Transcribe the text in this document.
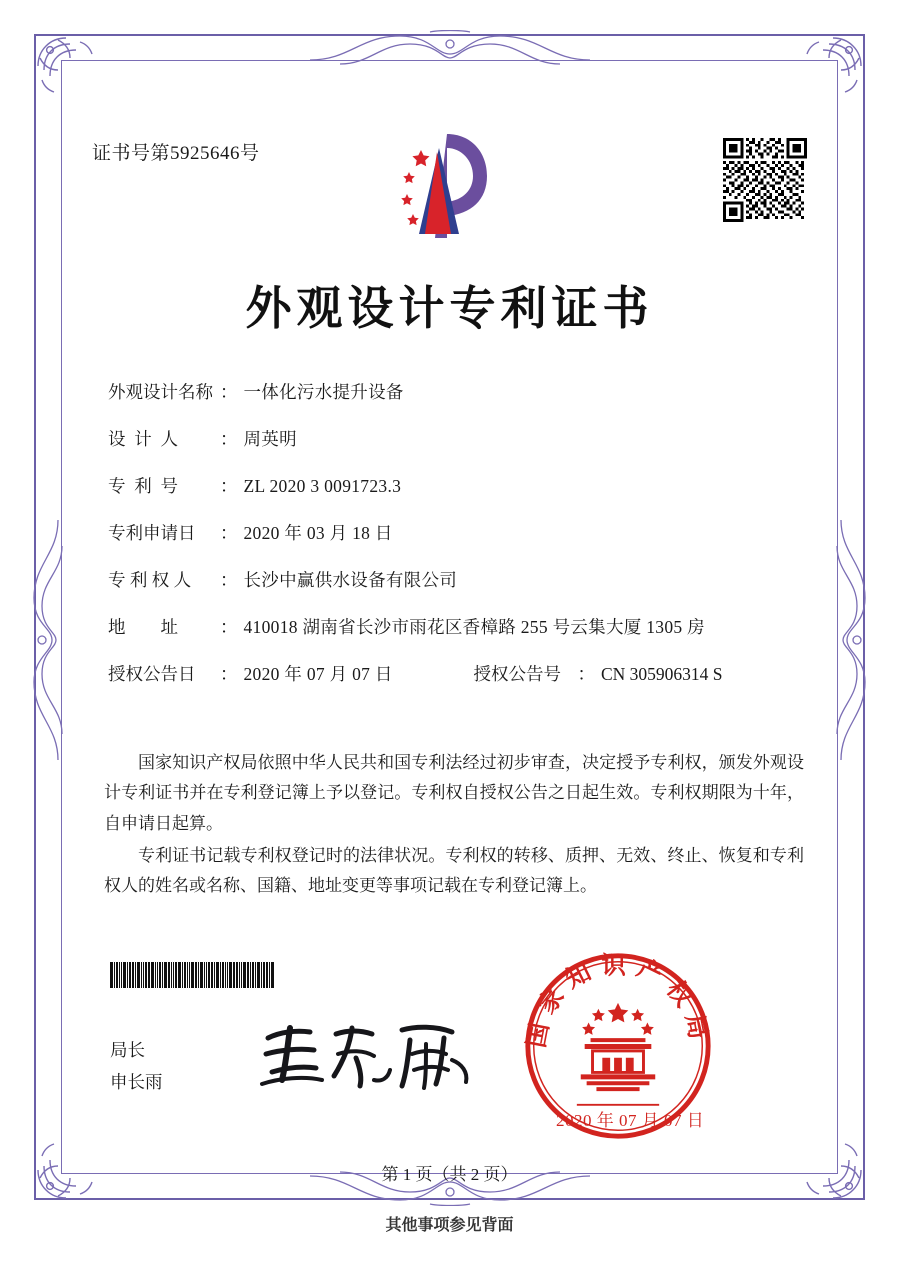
证书号第5925646号
外观设计专利证书
外观设计名称 ： 一体化污水提升设备
设  计  人	： 周英明
专  利  号	： ZL 2020 3 0091723.3
专利申请日	： 2020 年 03 月 18 日
专 利 权 人	： 长沙中赢供水设备有限公司
地        址	： 410018 湖南省长沙市雨花区香樟路 255 号云集大厦 1305 房
授权公告日	： 2020 年 07 月 07 日	授权公告号 ： CN 305906314 S

国家知识产权局依照中华人民共和国专利法经过初步审查，决定授予专利权，颁发外观设计专利证书并在专利登记簿上予以登记。专利权自授权公告之日起生效。专利权期限为十年，自申请日起算。

专利证书记载专利权登记时的法律状况。专利权的转移、质押、无效、终止、恢复和专利权人的姓名或名称、国籍、地址变更等事项记载在专利登记簿上。

局长
申长雨
国家知识产权局
2020 年 07 月 07 日
第 1 页（共 2 页）
其他事项参见背面
